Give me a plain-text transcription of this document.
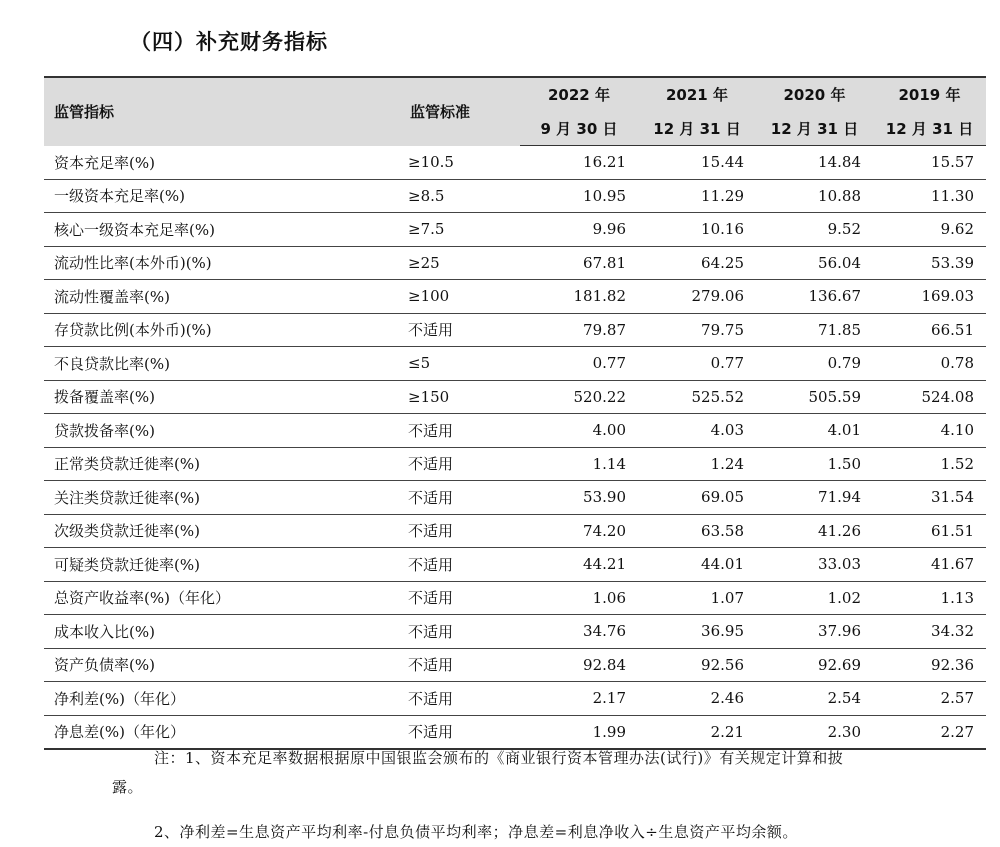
（四）补充财务指标
监管指标	监管标准	2022 年	2021 年	2020 年	2019 年
		9 月 30 日	12 月 31 日	12 月 31 日	12 月 31 日
资本充足率(%)	≥10.5	16.21	15.44	14.84	15.57
一级资本充足率(%)	≥8.5	10.95	11.29	10.88	11.30
核心一级资本充足率(%)	≥7.5	9.96	10.16	9.52	9.62
流动性比率(本外币)(%)	≥25	67.81	64.25	56.04	53.39
流动性覆盖率(%)	≥100	181.82	279.06	136.67	169.03
存贷款比例(本外币)(%)	不适用	79.87	79.75	71.85	66.51
不良贷款比率(%)	≤5	0.77	0.77	0.79	0.78
拨备覆盖率(%)	≥150	520.22	525.52	505.59	524.08
贷款拨备率(%)	不适用	4.00	4.03	4.01	4.10
正常类贷款迁徙率(%)	不适用	1.14	1.24	1.50	1.52
关注类贷款迁徙率(%)	不适用	53.90	69.05	71.94	31.54
次级类贷款迁徙率(%)	不适用	74.20	63.58	41.26	61.51
可疑类贷款迁徙率(%)	不适用	44.21	44.01	33.03	41.67
总资产收益率(%)（年化）	不适用	1.06	1.07	1.02	1.13
成本收入比(%)	不适用	34.76	36.95	37.96	34.32
资产负债率(%)	不适用	92.84	92.56	92.69	92.36
净利差(%)（年化）	不适用	2.17	2.46	2.54	2.57
净息差(%)（年化）	不适用	1.99	2.21	2.30	2.27
注：1、资本充足率数据根据原中国银监会颁布的《商业银行资本管理办法(试行)》有关规定计算和披
露。
2、净利差=生息资产平均利率-付息负债平均利率；净息差=利息净收入÷生息资产平均余额。
